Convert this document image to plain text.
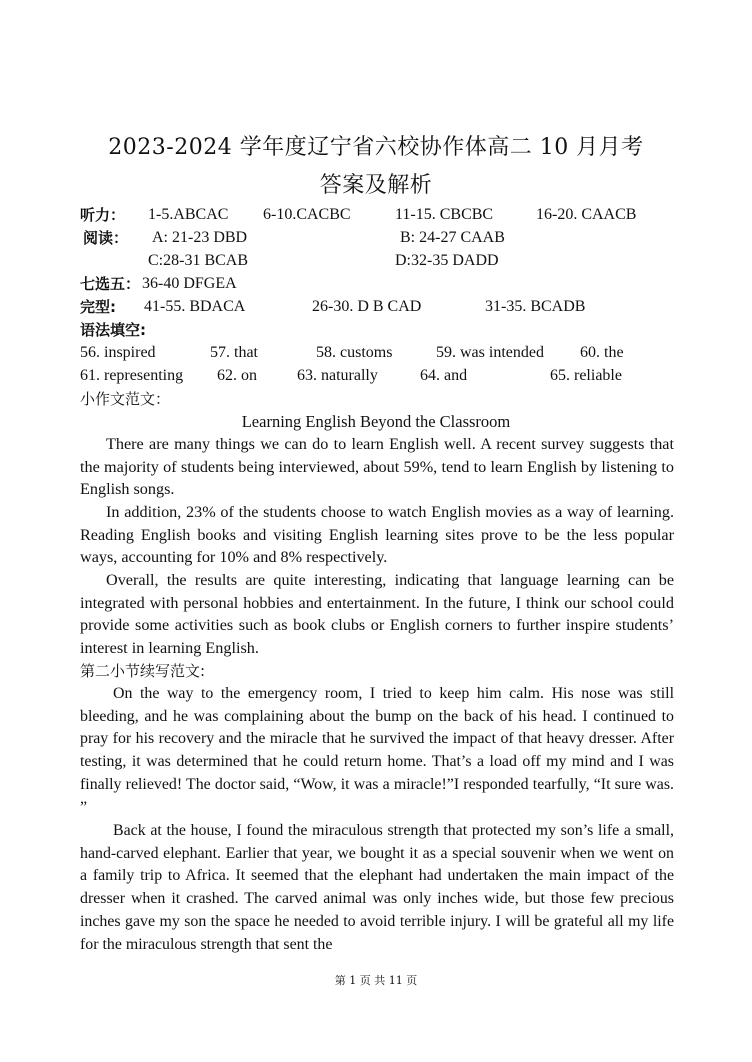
2023-2024 学年度辽宁省六校协作体高二 10 月月考
答案及解析
听力： 1-5.ABCAC 6-10.CACBC	11-15. CBCBC	16-20. CAACB
阅读： A: 21-23 DBD	B: 24-27 CAAB
C:28-31 BCAB	D:32-35 DADD
七选五： 36-40 DFGEA
完型: 41-55. BDACA	26-30. D B CAD	31-35. BCADB
语法填空:
56. inspired	57. that	58. customs	59. was intended 60. the
61. representing 62. on	63. naturally	64. and	65. reliable
小作文范文：
Learning English Beyond the Classroom

There are many things we can do to learn English well. A recent survey suggests that the majority of students being interviewed, about 59%, tend to learn English by listening to English songs.

In addition, 23% of the students choose to watch English movies as a way of learning. Reading English books and visiting English learning sites prove to be the less popular ways, accounting for 10% and 8% respectively.

Overall, the results are quite interesting, indicating that language learning can be integrated with personal hobbies and entertainment. In the future, I think our school could provide some activities such as book clubs or English corners to further inspire students’ interest in learning English.

第二小节续写范文:

On the way to the emergency room, I tried to keep him calm. His nose was still bleeding, and he was complaining about the bump on the back of his head. I continued to pray for his recovery and the miracle that he survived the impact of that heavy dresser. After testing, it was determined that he could return home. That’s a load off my mind and I was finally relieved! The doctor said, “Wow, it was a miracle!”I responded tearfully, “It sure was. ”

Back at the house, I found the miraculous strength that protected my son’s life a small, hand-carved elephant. Earlier that year, we bought it as a special souvenir when we went on a family trip to Africa. It seemed that the elephant had undertaken the main impact of the dresser when it crashed. The carved animal was only inches wide, but those few precious inches gave my son the space he needed to avoid terrible injury. I will be grateful all my life for the miraculous strength that sent the

第 1 页 共 11 页
